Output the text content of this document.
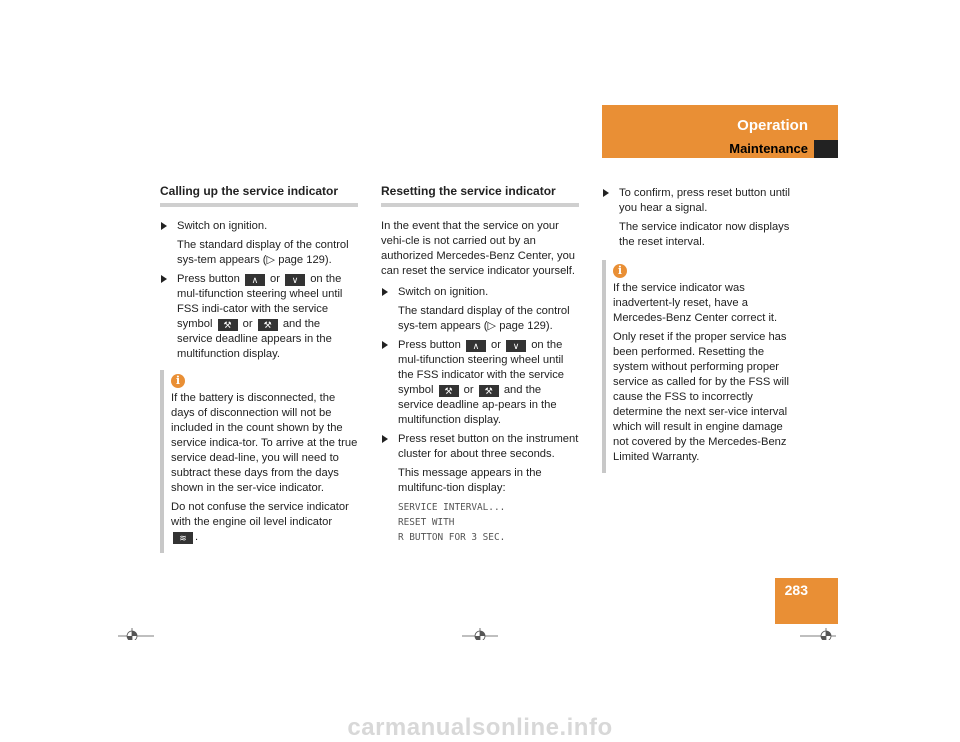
Operation
Maintenance
Calling up the service indicator
Switch on ignition.
The standard display of the control sys-tem appears (▷ page 129).
Press button ∧ or ∨ on the mul-tifunction steering wheel until FSS indi-cator with the service symbol ⚒ or ⚒ and the service deadline appears in the multifunction display.
i
If the battery is disconnected, the days of disconnection will not be included in the count shown by the service indica-tor. To arrive at the true service dead-line, you will need to subtract these days from the days shown in the ser-vice indicator.
Do not confuse the service indicator with the engine oil level indicator ≋ .
Resetting the service indicator
In the event that the service on your vehi-cle is not carried out by an authorized Mercedes-Benz Center, you can reset the service indicator yourself.
Switch on ignition.
The standard display of the control sys-tem appears (▷ page 129).
Press button ∧ or ∨ on the mul-tifunction steering wheel until the FSS indicator with the service symbol ⚒ or ⚒ and the service deadline ap-pears in the multifunction display.
Press reset button on the instrument cluster for about three seconds.
This message appears in the multifunc-tion display:
SERVICE INTERVAL...
RESET WITH
R BUTTON FOR 3 SEC.
To confirm, press reset button until you hear a signal.
The service indicator now displays the reset interval.
i
If the service indicator was inadvertent-ly reset, have a Mercedes-Benz Center correct it.
Only reset if the proper service has been performed. Resetting the system without performing proper service as called for by the FSS will cause the FSS to incorrectly determine the next ser-vice interval which will result in engine damage not covered by the Mercedes-Benz Limited Warranty.
283
carmanualsonline.info
